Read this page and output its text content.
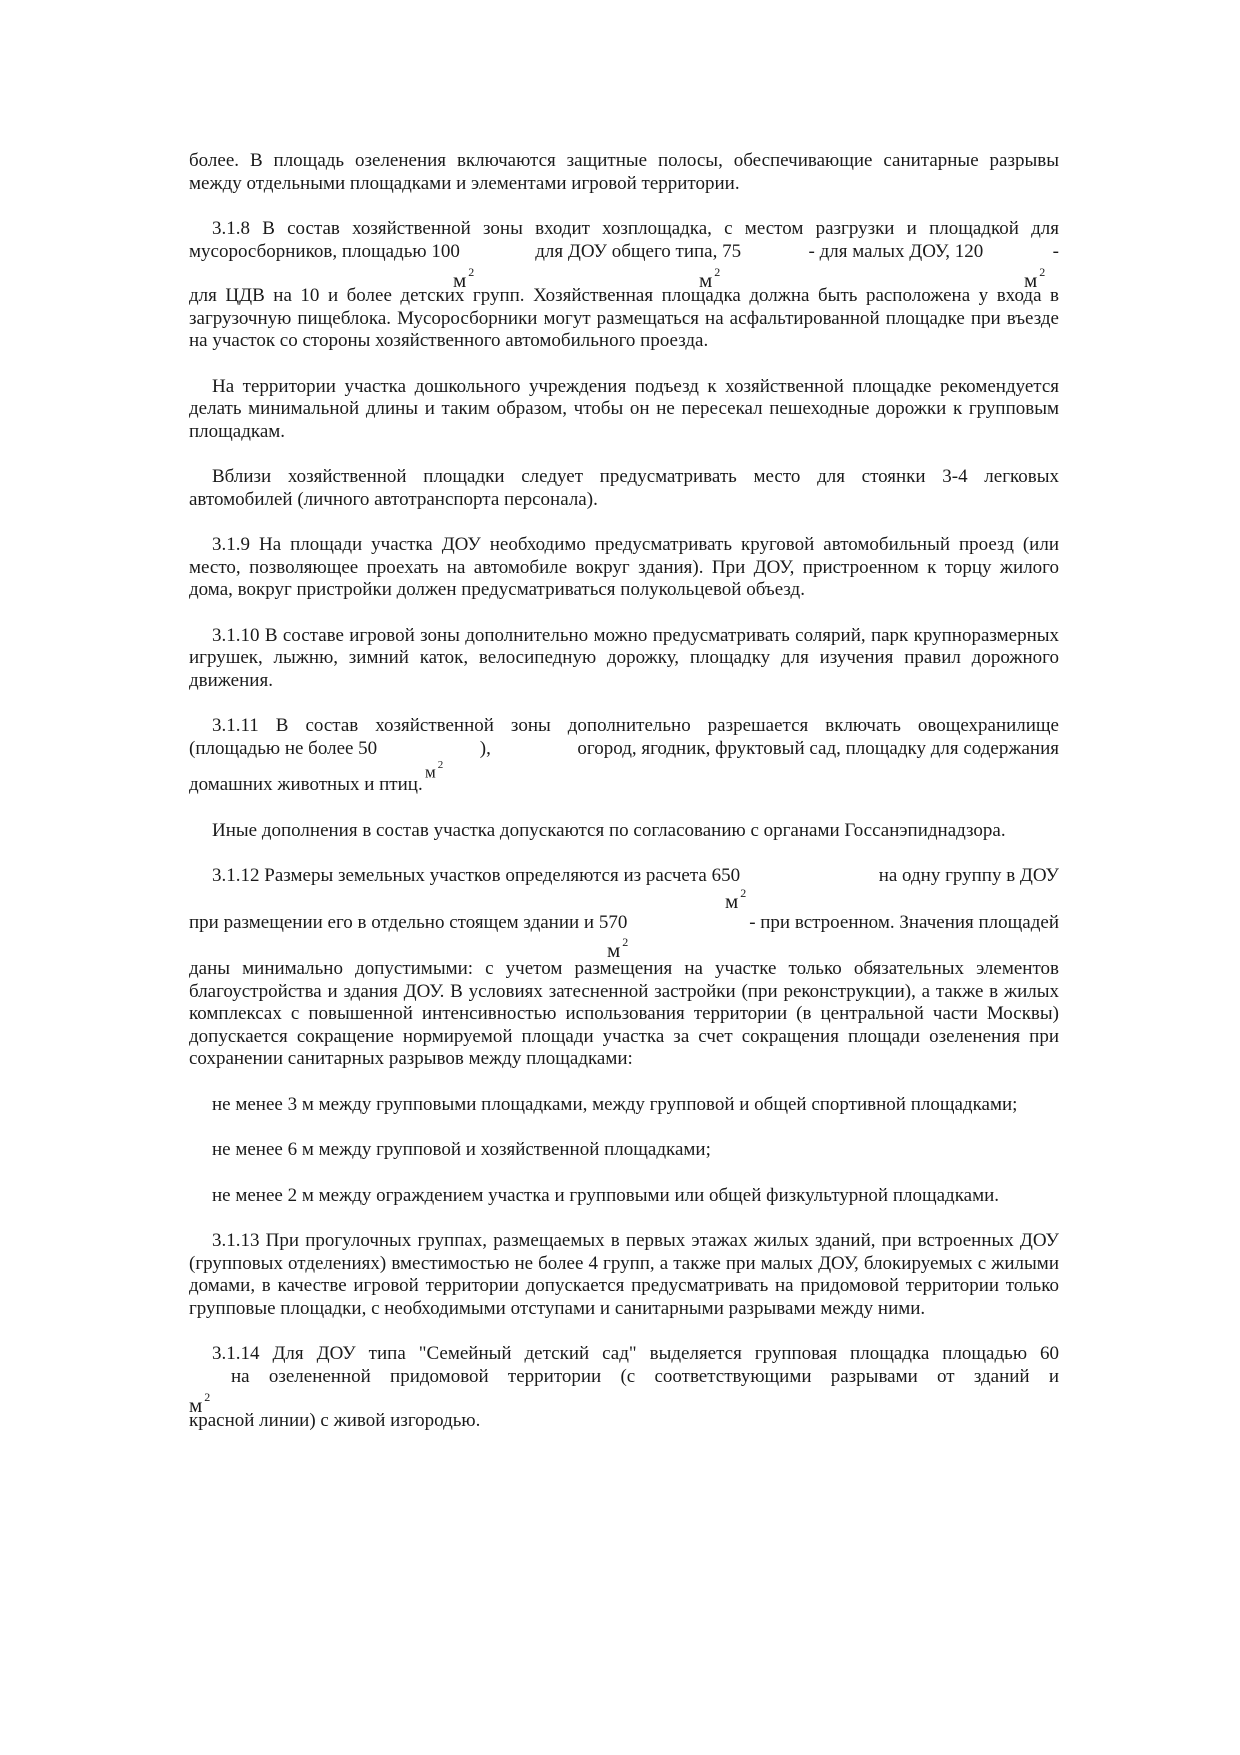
более. В площадь озеленения включаются защитные полосы, обеспечивающие санитарные разрывы между отдельными площадками и элементами игровой территории.

3.1.8 В состав хозяйственной зоны входит хозплощадка, с местом разгрузки и площадкой для
мусоросборников, площадью 100	для ДОУ общего типа, 75	- для малых ДОУ, 120	-
м $^2$	м $^2$	м $^2$
для ЦДВ на 10 и более детских групп. Хозяйственная площадка должна быть расположена у входа в загрузочную пищеблока. Мусоросборники могут размещаться на асфальтированной площадке при въезде на участок со стороны хозяйственного автомобильного проезда.

На территории участка дошкольного учреждения подъезд к хозяйственной площадке рекомендуется делать минимальной длины и таким образом, чтобы он не пересекал пешеходные дорожки к групповым площадкам.

Вблизи хозяйственной площадки следует предусматривать место для стоянки 3-4 легковых автомобилей (личного автотранспорта персонала).

3.1.9 На площади участка ДОУ необходимо предусматривать круговой автомобильный проезд (или место, позволяющее проехать на автомобиле вокруг здания). При ДОУ, пристроенном к торцу жилого дома, вокруг пристройки должен предусматриваться полукольцевой объезд.

3.1.10 В составе игровой зоны дополнительно можно предусматривать солярий, парк крупноразмерных игрушек, лыжню, зимний каток, велосипедную дорожку, площадку для изучения правил дорожного движения.

3.1.11 В состав хозяйственной зоны дополнительно разрешается включать овощехранилище
(площадью не более 50	),	огород, ягодник, фруктовый сад, площадку для содержания
м $^2$
домашних животных и птиц.

Иные дополнения в состав участка допускаются по согласованию с органами Госсанэпиднадзора.

3.1.12 Размеры земельных участков определяются из расчета 650	на одну группу в ДОУ
м $^2$
при размещении его в отдельно стоящем здании и 570	- при встроенном. Значения площадей
м $^2$
даны минимально допустимыми: с учетом размещения на участке только обязательных элементов благоустройства и здания ДОУ. В условиях затесненной застройки (при реконструкции), а также в жилых комплексах с повышенной интенсивностью использования территории (в центральной части Москвы) допускается сокращение нормируемой площади участка за счет сокращения площади озеленения при сохранении санитарных разрывов между площадками:

не менее 3 м между групповыми площадками, между групповой и общей спортивной площадками;

не менее 6 м между групповой и хозяйственной площадками;

не менее 2 м между ограждением участка и групповыми или общей физкультурной площадками.

3.1.13 При прогулочных группах, размещаемых в первых этажах жилых зданий, при встроенных ДОУ (групповых отделениях) вместимостью не более 4 групп, а также при малых ДОУ, блокируемых с жилыми домами, в качестве игровой территории допускается предусматривать на придомовой территории только групповые площадки, с необходимыми отступами и санитарными разрывами между ними.

3.1.14 Для ДОУ типа "Семейный детский сад" выделяется групповая площадка площадью 60
на озелененной придомовой территории (с соответствующими разрывами от зданий и
м $^2$
красной линии) с живой изгородью.
